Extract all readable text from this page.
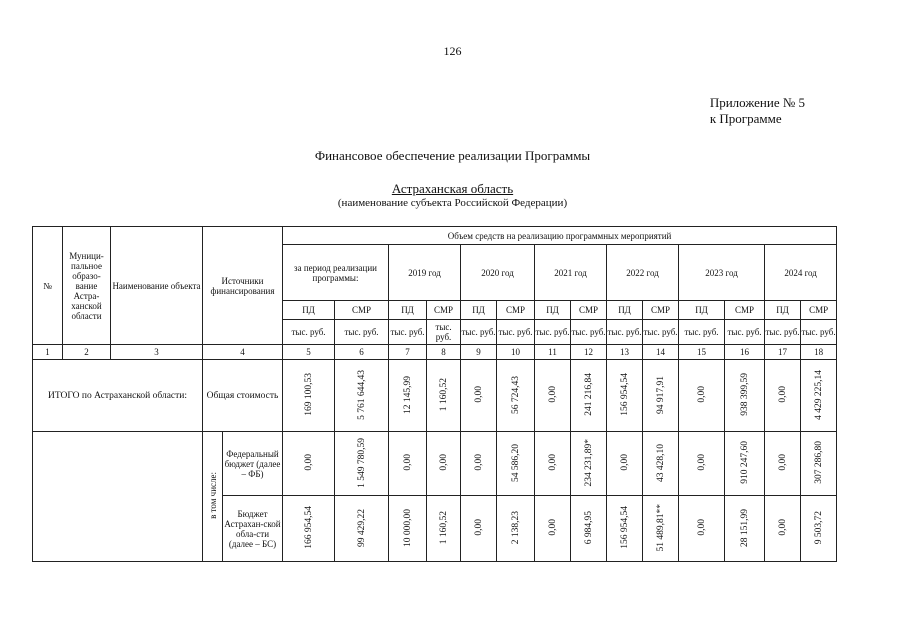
126
Приложение № 5
к Программе
Финансовое обеспечение реализации Программы
Астраханская область
(наименование субъекта Российской Федерации)
№	Муници-пальное образо-вание Астра-ханской области	Наименование объекта	Источники финансирования		Объем средств на реализацию программных мероприятий													
					за период реализации программы:		2019 год		2020 год		2021 год		2022 год		2023 год		2024 год	
					ПД	СМР	ПД	СМР	ПД	СМР	ПД	СМР	ПД	СМР	ПД	СМР	ПД	СМР
					тыс. руб.	тыс. руб.	тыс. руб.	тыс. руб.	тыс. руб.	тыс. руб.	тыс. руб.	тыс. руб.	тыс. руб.	тыс. руб.	тыс. руб.	тыс. руб.	тыс. руб.	тыс. руб.
1	2	3	4		5	6	7	8	9	10	11	12	13	14	15	16	17	18
ИТОГО по Астраханской области:			Общая стоимость		169 100,53	5 761 644,43	12 145,99	1 160,52	0,00	56 724,43	0,00	241 216,84	156 954,54	94 917,91	0,00	938 399,59	0,00	4 429 225,14
			в том числе:	Федеральный бюджет (далее – ФБ)	0,00	1 549 780,59	0,00	0,00	0,00	54 586,20	0,00	234 231,89*	0,00	43 428,10	0,00	910 247,60	0,00	307 286,80
				Бюджет Астрахан-ской обла-сти (далее – БС)	166 954,54	99 429,22	10 000,00	1 160,52	0,00	2 138,23	0,00	6 984,95	156 954,54	51 489,81**	0,00	28 151,99	0,00	9 503,72
